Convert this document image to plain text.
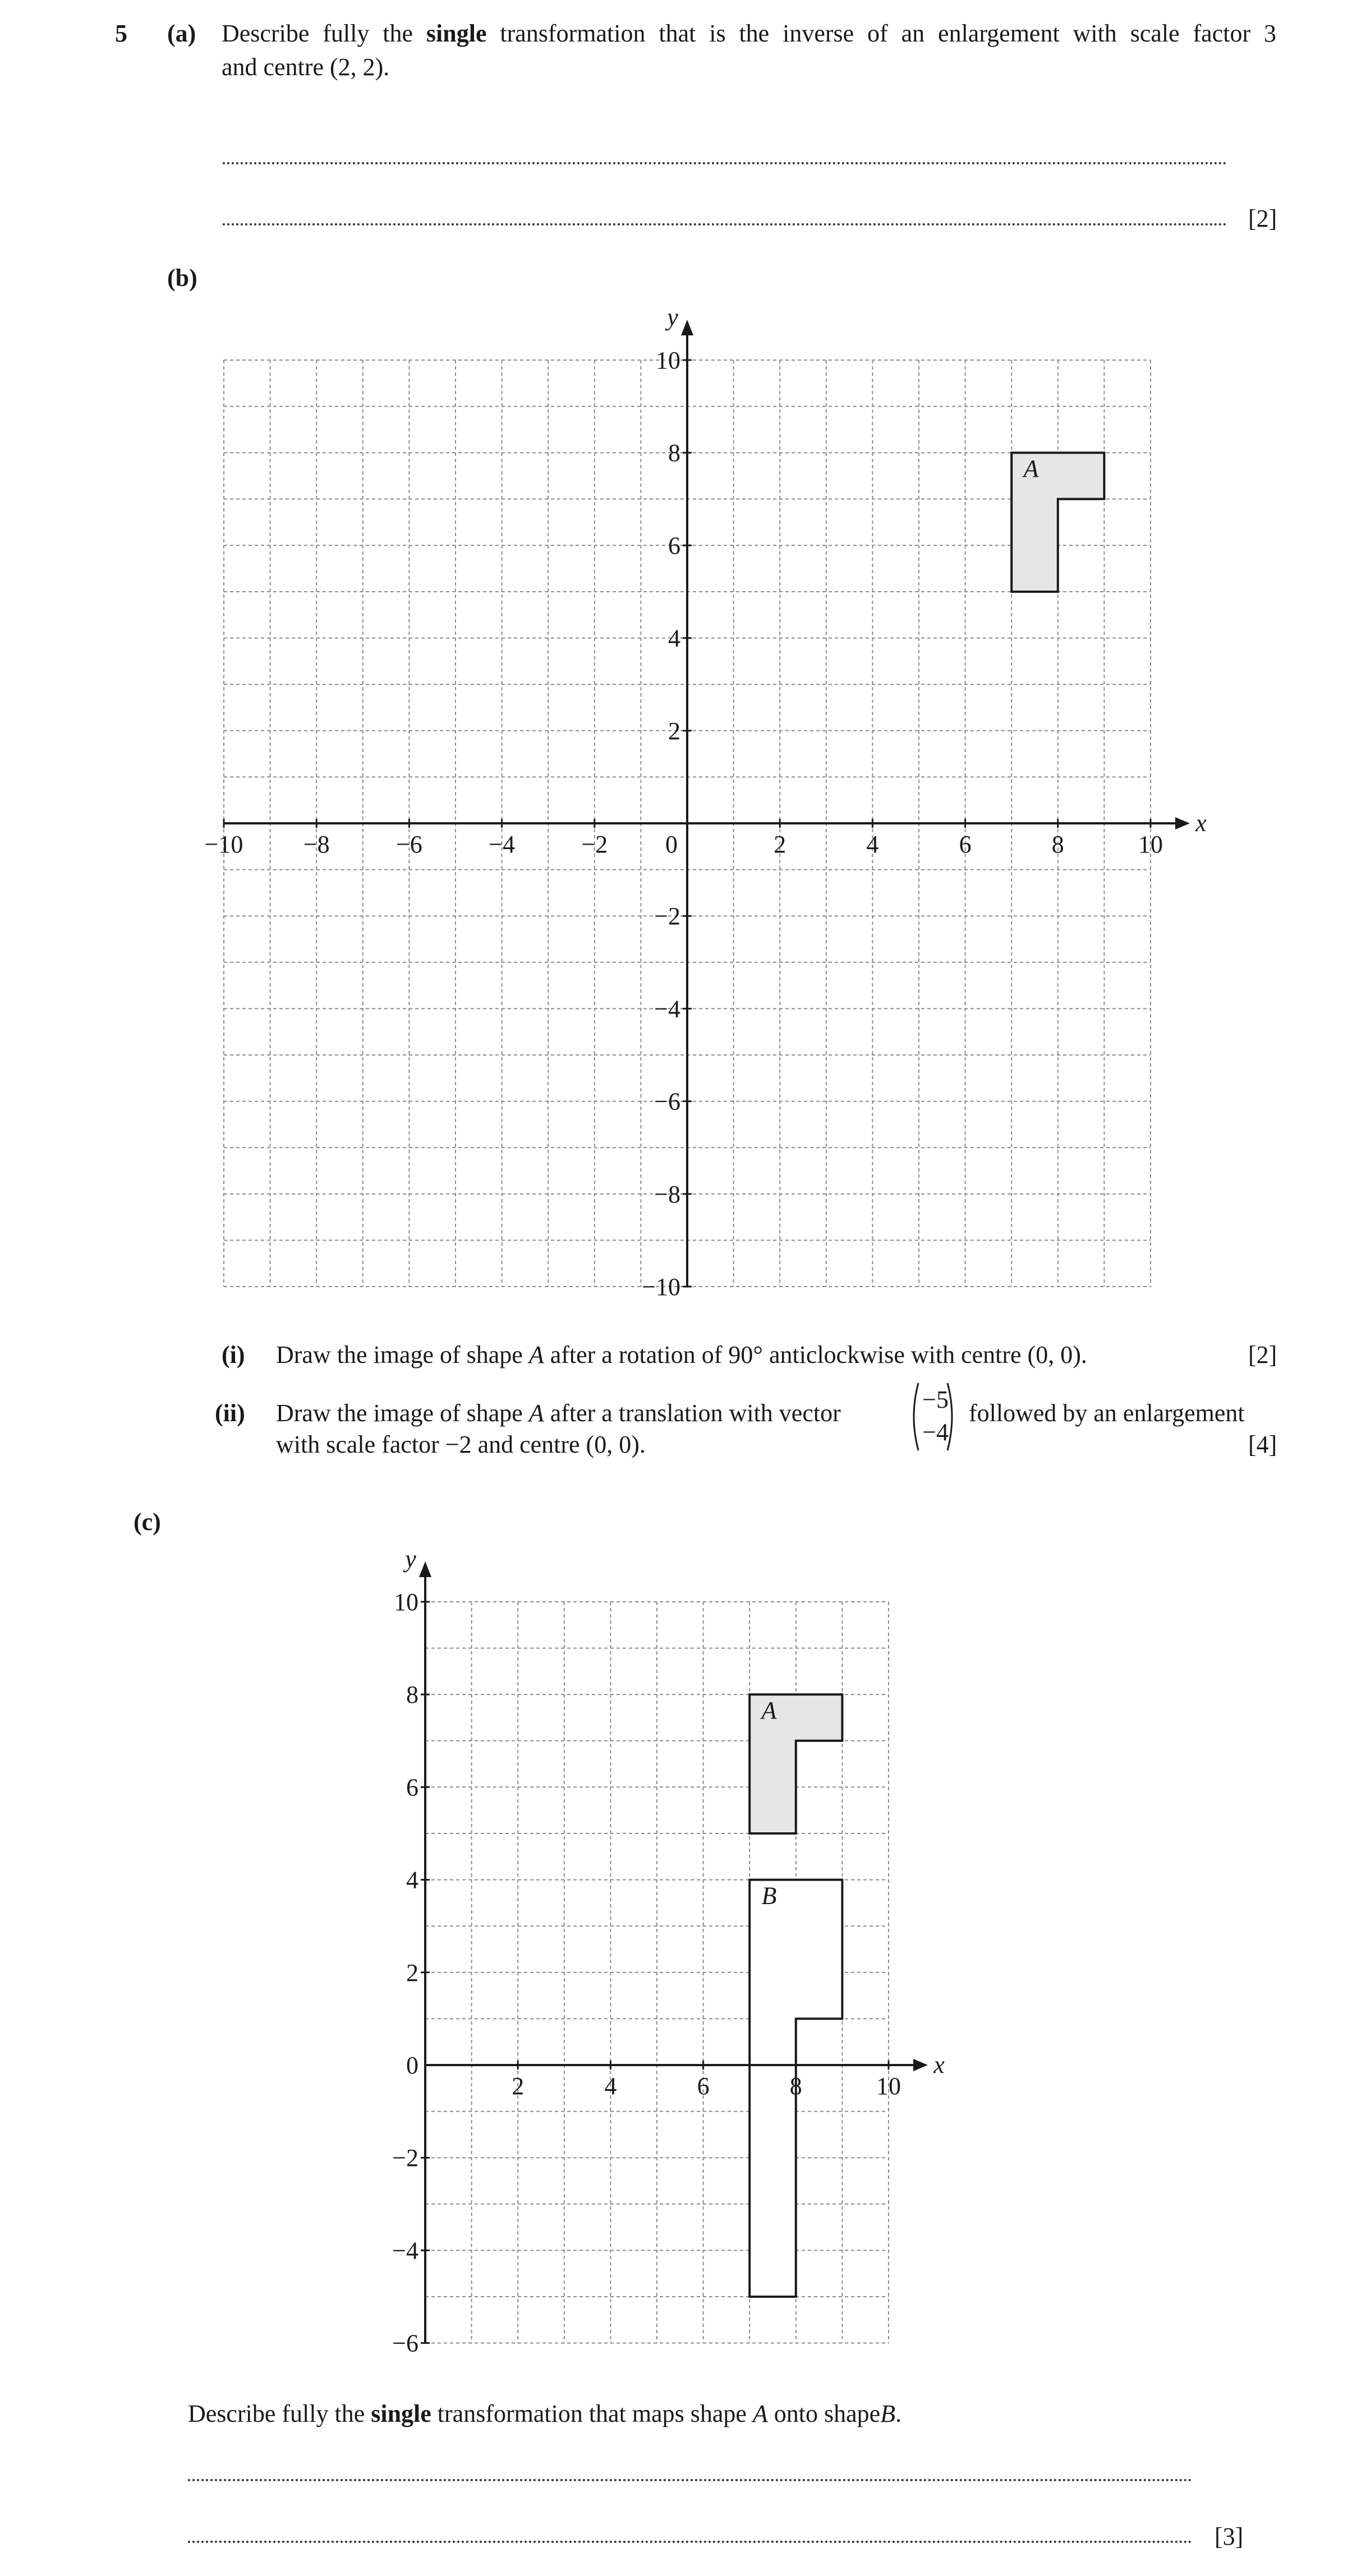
5 (a) Describe fully the single transformation that is the inverse of an enlargement with scale factor 3
and centre (2, 2).
[2]
(b)
A
x
y
−10 −8	−6	−4	−2 0	2	4	6	8	10
10
8
6
4
2
−2
−4
−6
−8
−10
(i) Draw the image of shape A after a rotation of 90° anticlockwise with centre (0, 0).	[2]
(ii) Draw the image of shape A after a translation with vector	−5
−4
followed by an enlargement
with scale factor −2 and centre (0, 0).	[4]
(c)
A
B
x
y
2	4	6	8	10
10
8
6
4
2
0
−2
−4
−6
Describe fully the single transformation that maps shape A onto shapeB.
[3]
